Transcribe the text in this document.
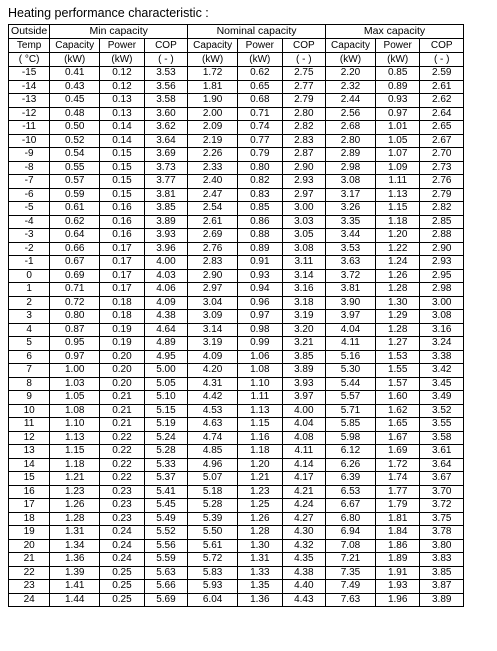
Heating performance characteristic :
Outside	Min capacity			Nominal capacity			Max capacity		
Temp	Capacity	Power	COP	Capacity	Power	COP	Capacity	Power	COP
( °C)	(kW)	(kW)	( - )	(kW)	(kW)	( - )	(kW)	(kW)	( - )
-15	0.41	0.12	3.53	1.72	0.62	2.75	2.20	0.85	2.59
-14	0.43	0.12	3.56	1.81	0.65	2.77	2.32	0.89	2.61
-13	0.45	0.13	3.58	1.90	0.68	2.79	2.44	0.93	2.62
-12	0.48	0.13	3.60	2.00	0.71	2.80	2.56	0.97	2.64
-11	0.50	0.14	3.62	2.09	0.74	2.82	2.68	1.01	2.65
-10	0.52	0.14	3.64	2.19	0.77	2.83	2.80	1.05	2.67
-9	0.54	0.15	3.69	2.26	0.79	2.87	2.89	1.07	2.70
-8	0.55	0.15	3.73	2.33	0.80	2.90	2.98	1.09	2.73
-7	0.57	0.15	3.77	2.40	0.82	2.93	3.08	1.11	2.76
-6	0.59	0.15	3.81	2.47	0.83	2.97	3.17	1.13	2.79
-5	0.61	0.16	3.85	2.54	0.85	3.00	3.26	1.15	2.82
-4	0.62	0.16	3.89	2.61	0.86	3.03	3.35	1.18	2.85
-3	0.64	0.16	3.93	2.69	0.88	3.05	3.44	1.20	2.88
-2	0.66	0.17	3.96	2.76	0.89	3.08	3.53	1.22	2.90
-1	0.67	0.17	4.00	2.83	0.91	3.11	3.63	1.24	2.93
0	0.69	0.17	4.03	2.90	0.93	3.14	3.72	1.26	2.95
1	0.71	0.17	4.06	2.97	0.94	3.16	3.81	1.28	2.98
2	0.72	0.18	4.09	3.04	0.96	3.18	3.90	1.30	3.00
3	0.80	0.18	4.38	3.09	0.97	3.19	3.97	1.29	3.08
4	0.87	0.19	4.64	3.14	0.98	3.20	4.04	1.28	3.16
5	0.95	0.19	4.89	3.19	0.99	3.21	4.11	1.27	3.24
6	0.97	0.20	4.95	4.09	1.06	3.85	5.16	1.53	3.38
7	1.00	0.20	5.00	4.20	1.08	3.89	5.30	1.55	3.42
8	1.03	0.20	5.05	4.31	1.10	3.93	5.44	1.57	3.45
9	1.05	0.21	5.10	4.42	1.11	3.97	5.57	1.60	3.49
10	1.08	0.21	5.15	4.53	1.13	4.00	5.71	1.62	3.52
11	1.10	0.21	5.19	4.63	1.15	4.04	5.85	1.65	3.55
12	1.13	0.22	5.24	4.74	1.16	4.08	5.98	1.67	3.58
13	1.15	0.22	5.28	4.85	1.18	4.11	6.12	1.69	3.61
14	1.18	0.22	5.33	4.96	1.20	4.14	6.26	1.72	3.64
15	1.21	0.22	5.37	5.07	1.21	4.17	6.39	1.74	3.67
16	1.23	0.23	5.41	5.18	1.23	4.21	6.53	1.77	3.70
17	1.26	0.23	5.45	5.28	1.25	4.24	6.67	1.79	3.72
18	1.28	0.23	5.49	5.39	1.26	4.27	6.80	1.81	3.75
19	1.31	0.24	5.52	5.50	1.28	4.30	6.94	1.84	3.78
20	1.34	0.24	5.56	5.61	1.30	4.32	7.08	1.86	3.80
21	1.36	0.24	5.59	5.72	1.31	4.35	7.21	1.89	3.83
22	1.39	0.25	5.63	5.83	1.33	4.38	7.35	1.91	3.85
23	1.41	0.25	5.66	5.93	1.35	4.40	7.49	1.93	3.87
24	1.44	0.25	5.69	6.04	1.36	4.43	7.63	1.96	3.89
